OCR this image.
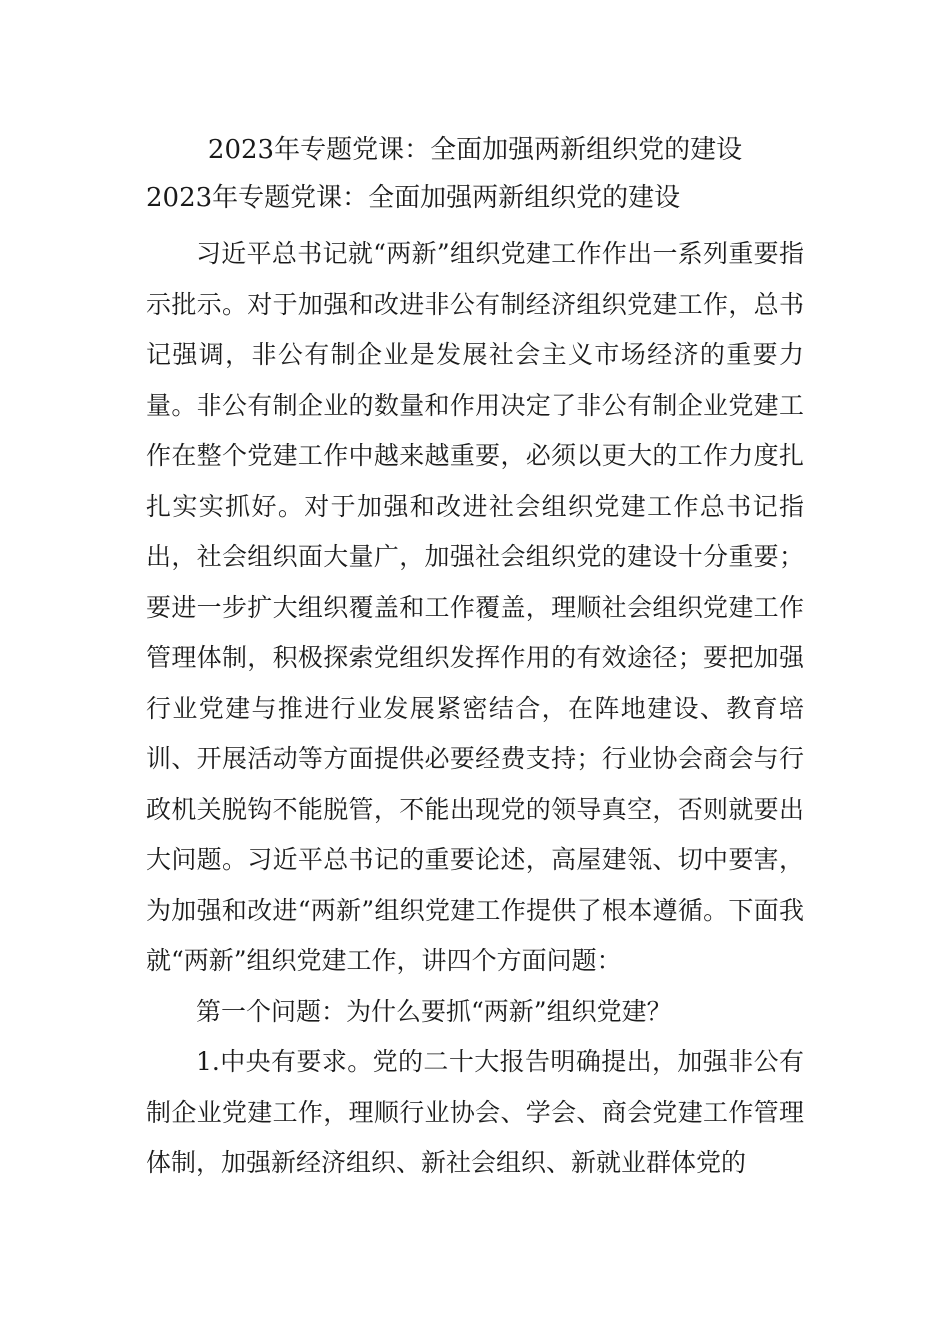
2023年专题党课：全面加强两新组织党的建设
2023年专题党课：全面加强两新组织党的建设

习近平总书记就“两新”组织党建工作作出一系列重要指示批示。对于加强和改进非公有制经济组织党建工作，总书记强调，非公有制企业是发展社会主义市场经济的重要力量。非公有制企业的数量和作用决定了非公有制企业党建工作在整个党建工作中越来越重要，必须以更大的工作力度扎扎实实抓好。对于加强和改进社会组织党建工作总书记指出，社会组织面大量广，加强社会组织党的建设十分重要；要进一步扩大组织覆盖和工作覆盖，理顺社会组织党建工作管理体制，积极探索党组织发挥作用的有效途径；要把加强行业党建与推进行业发展紧密结合，在阵地建设、教育培训、开展活动等方面提供必要经费支持；行业协会商会与行政机关脱钩不能脱管，不能出现党的领导真空，否则就要出大问题。习近平总书记的重要论述，高屋建瓴、切中要害，为加强和改进“两新”组织党建工作提供了根本遵循。下面我就“两新”组织党建工作，讲四个方面问题：

第一个问题：为什么要抓“两新”组织党建？

1.中央有要求。党的二十大报告明确提出，加强非公有制企业党建工作，理顺行业协会、学会、商会党建工作管理体制，加强新经济组织、新社会组织、新就业群体党的
